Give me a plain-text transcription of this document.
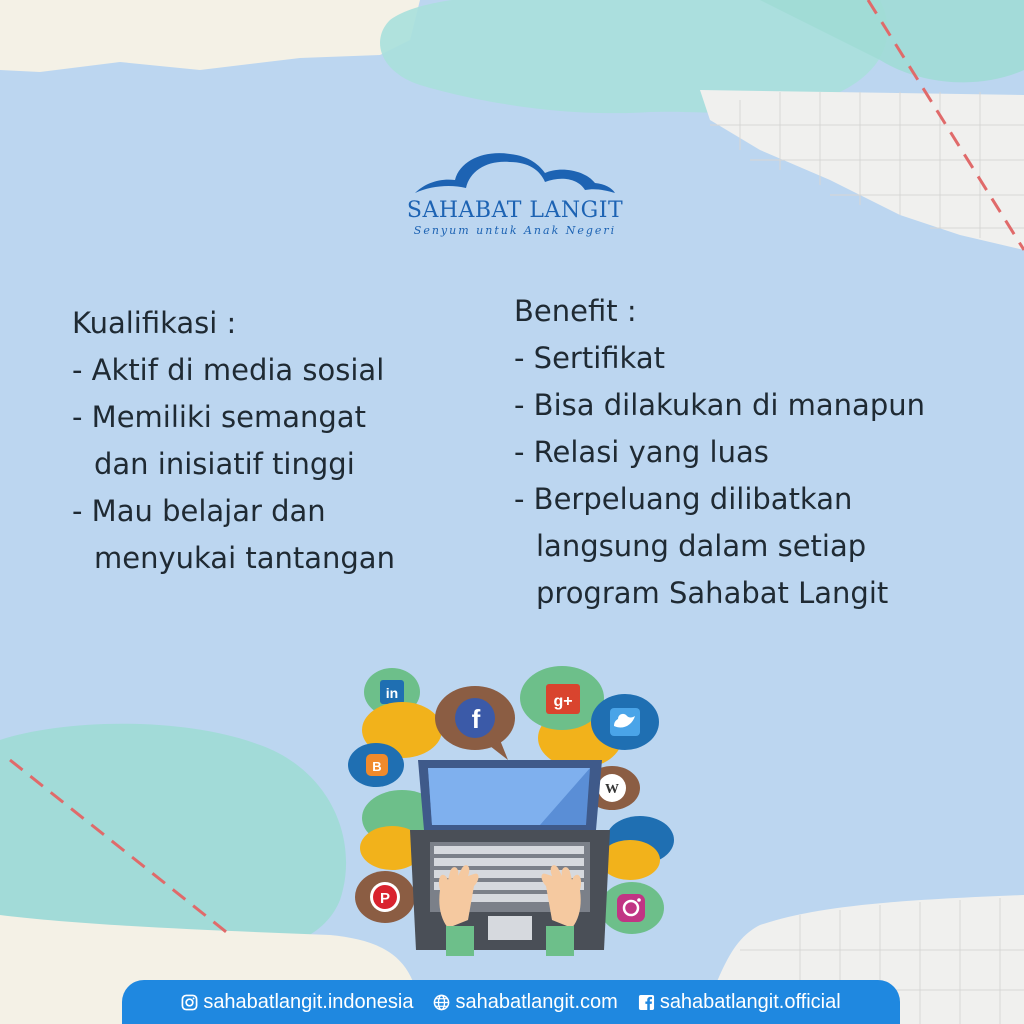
SAHABAT LANGIT
Senyum untuk Anak Negeri
Kualifikasi :
- Aktif di media sosial
- Memiliki semangat
dan inisiatif tinggi
- Mau belajar dan
menyukai tantangan
Benefit :
- Sertifikat
- Bisa dilakukan di manapun
- Relasi yang luas
- Berpeluang dilibatkan
langsung dalam setiap
program Sahabat Langit
in
f
g+
B
W
P
sahabatlangit.indonesia sahabatlangit.com sahabatlangit.official
